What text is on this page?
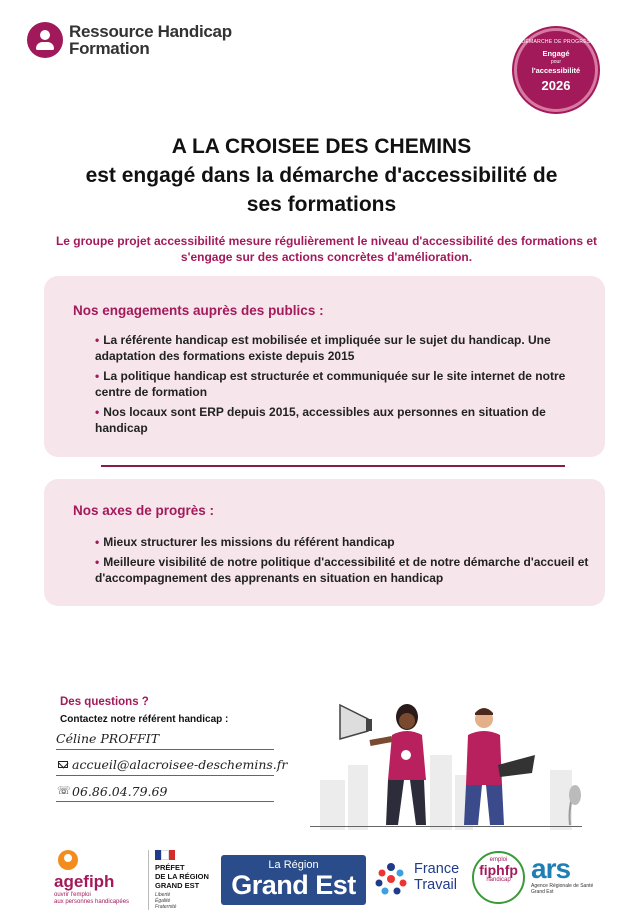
Ressource Handicap
Formation	DÉMARCHE DE PROGRÈS
Engagé
pour
l'accessibilité
2026
A LA CROISEE DES CHEMINS
est engagé dans la démarche d'accessibilité de
ses formations
Le groupe projet accessibilité mesure régulièrement le niveau d'accessibilité des formations et s'engage sur des actions concrètes d'amélioration.
Nos engagements auprès des publics :
• La référente handicap est mobilisée et impliquée sur le sujet du handicap. Une adaptation des formations existe depuis 2015
• La politique handicap est structurée et communiquée sur le site internet de notre centre de formation
• Nos locaux sont ERP depuis 2015, accessibles aux personnes en situation de handicap
Nos axes de progrès :
• Mieux structurer les missions du référent handicap
• Meilleure visibilité de notre politique d'accessibilité et de notre démarche d'accueil et d'accompagnement des apprenants en situation en handicap
Des questions ?
Contactez notre référent handicap :
Céline PROFFIT
accueil@alacroisee-deschemins.fr
☏ 06.86.04.79.69
agefiph
ouvrir l'emploi
aux personnes handicapées
PRÉFET
DE LA RÉGION
GRAND EST
Liberté
Égalité
Fraternité
La Région
Grand Est
France
Travail
emploi
fiphfp
handicap ars
Agence Régionale de Santé
Grand Est
